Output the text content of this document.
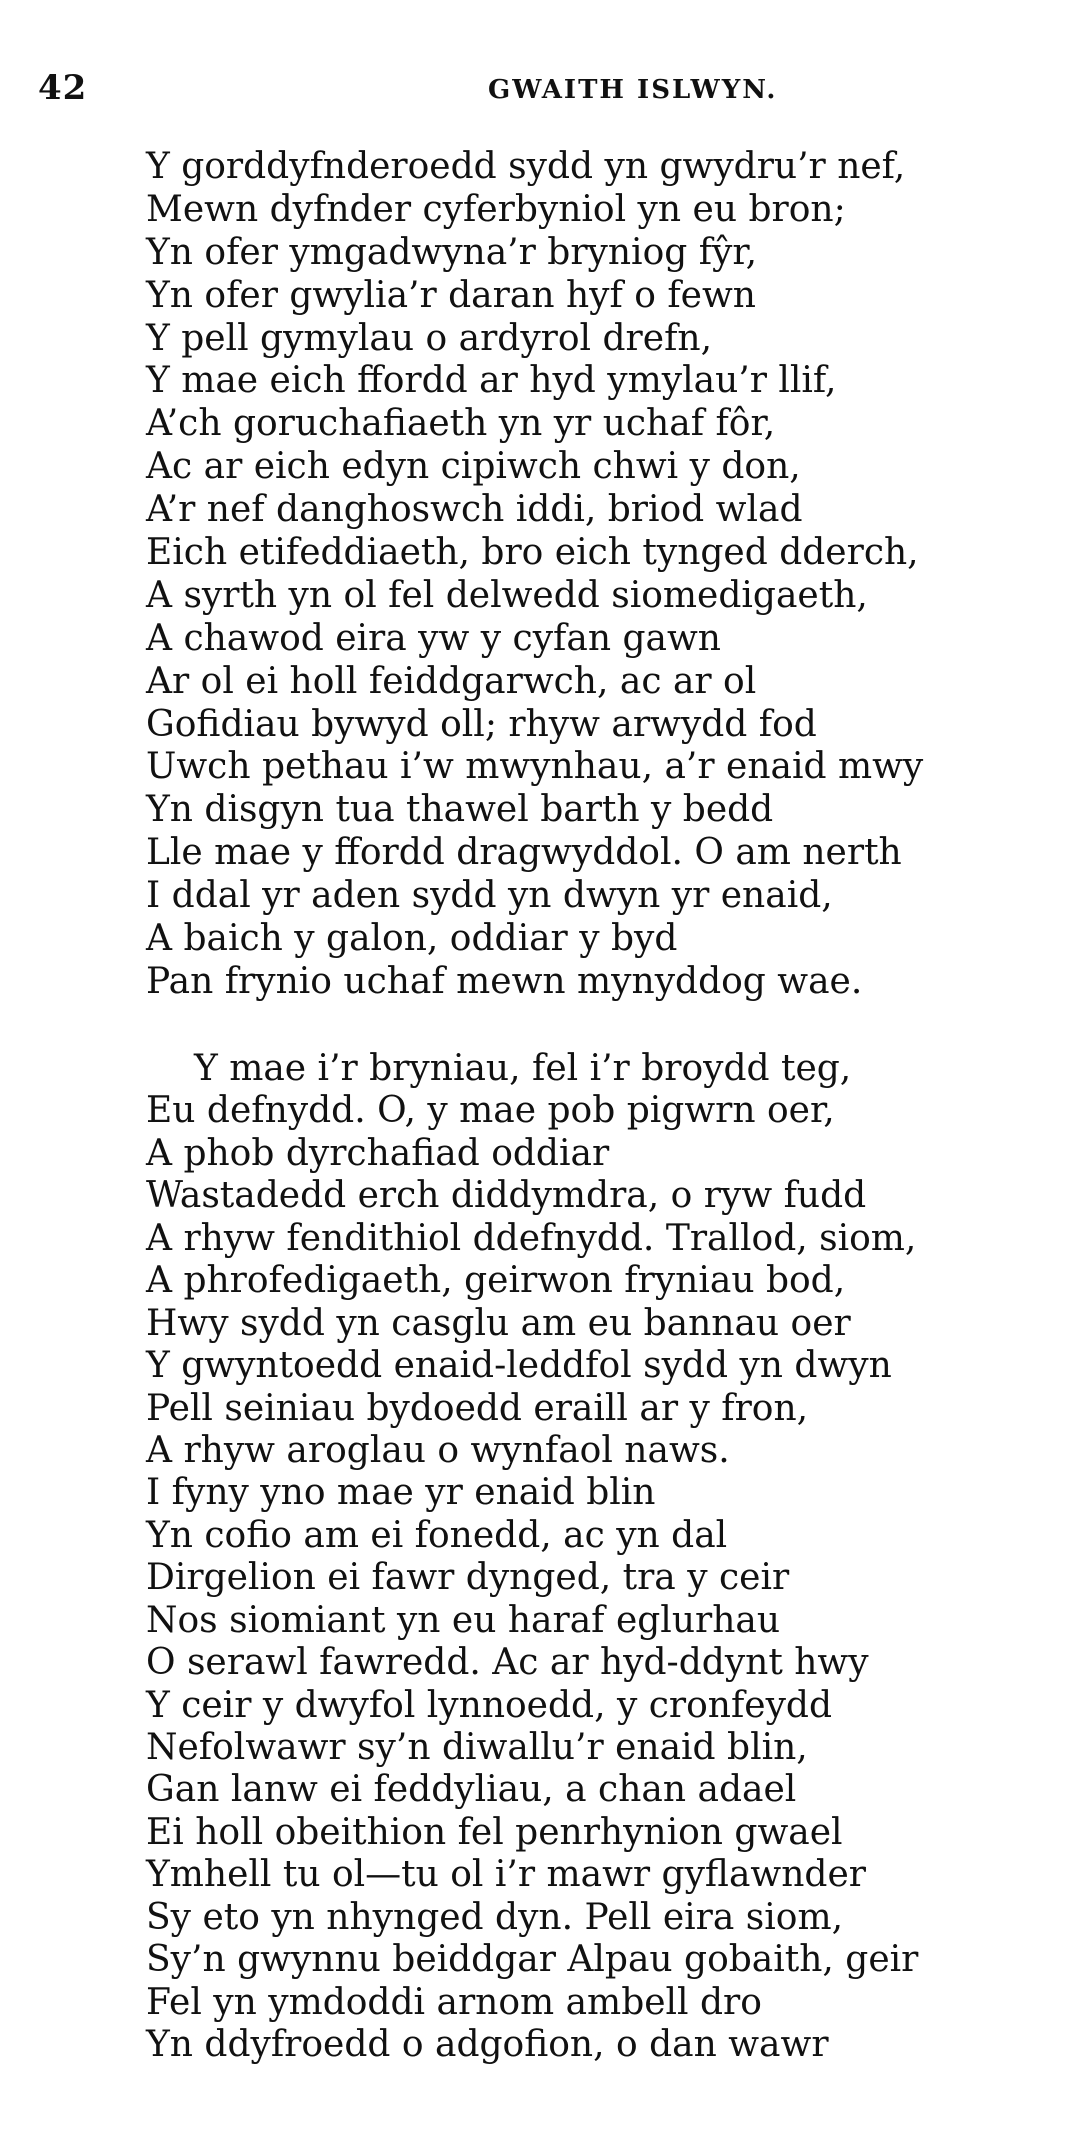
42	GWAITH ISLWYN.

Y gorddyfnderoedd sydd yn gwydru’r nef,

Mewn dyfnder cyferbyniol yn eu bron;

Yn ofer ymgadwyna’r bryniog fŷr,

Yn ofer gwylia’r daran hyf o fewn

Y pell gymylau o ardyrol drefn,

Y mae eich ffordd ar hyd ymylau’r llif,

A’ch goruchafiaeth yn yr uchaf fôr,

Ac ar eich edyn cipiwch chwi y don,

A’r nef danghoswch iddi, briod wlad

Eich etifeddiaeth, bro eich tynged dderch,

A syrth yn ol fel delwedd siomedigaeth,

A chawod eira yw y cyfan gawn

Ar ol ei holl feiddgarwch, ac ar ol

Gofidiau bywyd oll; rhyw arwydd fod

Uwch pethau i’w mwynhau, a’r enaid mwy

Yn disgyn tua thawel barth y bedd

Lle mae y ffordd dragwyddol. O am nerth

I ddal yr aden sydd yn dwyn yr enaid,

A baich y galon, oddiar y byd

Pan frynio uchaf mewn mynyddog wae.

Y mae i’r bryniau, fel i’r broydd teg,

Eu defnydd. O, y mae pob pigwrn oer,

A phob dyrchafiad oddiar

Wastadedd erch diddymdra, o ryw fudd

A rhyw fendithiol ddefnydd. Trallod, siom,

A phrofedigaeth, geirwon fryniau bod,

Hwy sydd yn casglu am eu bannau oer

Y gwyntoedd enaid-leddfol sydd yn dwyn

Pell seiniau bydoedd eraill ar y fron,

A rhyw aroglau o wynfaol naws.

I fyny yno mae yr enaid blin

Yn cofio am ei fonedd, ac yn dal

Dirgelion ei fawr dynged, tra y ceir

Nos siomiant yn eu haraf eglurhau

O serawl fawredd. Ac ar hyd-ddynt hwy

Y ceir y dwyfol lynnoedd, y cronfeydd

Nefolwawr sy’n diwallu’r enaid blin,

Gan lanw ei feddyliau, a chan adael

Ei holl obeithion fel penrhynion gwael

Ymhell tu ol—tu ol i’r mawr gyflawnder

Sy eto yn nhynged dyn. Pell eira siom,

Sy’n gwynnu beiddgar Alpau gobaith, geir

Fel yn ymdoddi arnom ambell dro

Yn ddyfroedd o adgofion, o dan wawr
